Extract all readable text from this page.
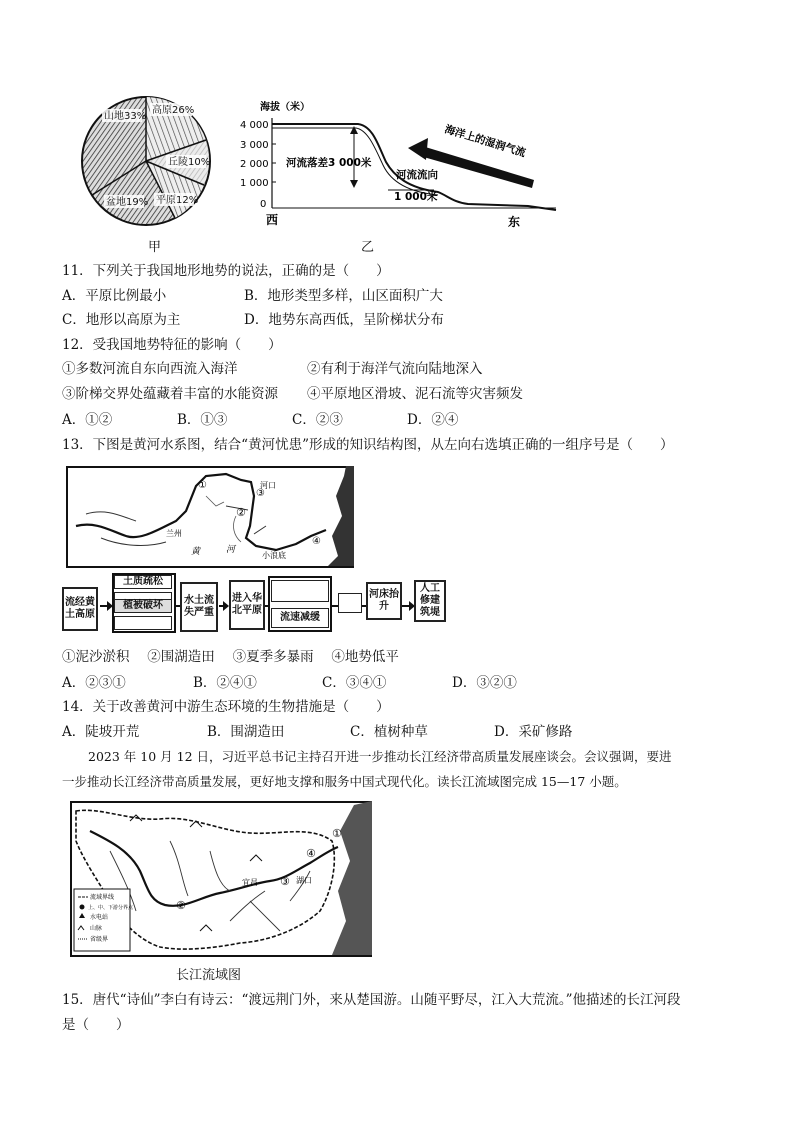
山地33%
高原26%
丘陵10%
盆地19% 平原12%
甲
海拔（米）
4 000
3 000
2 000
1 000
0
河流落差3 000米
河流流向
1 000米
海洋上的湿润气流
西	东
乙
11．下列关于我国地形地势的说法，正确的是（　　）
A．平原比例最小	B．地形类型多样，山区面积广大
C．地形以高原为主	D．地势东高西低，呈阶梯状分布
12．受我国地势特征的影响（　　）
①多数河流自东向西流入海洋	②有利于海洋气流向陆地深入
③阶梯交界处蕴藏着丰富的水能资源 ④平原地区滑坡、泥石流等灾害频发
A．①②	B．①③	C．②③	D．②④
13．下图是黄河水系图，结合“黄河忧患”形成的知识结构图，从左向右选填正确的一组序号是（　　）
①
②
③
④
河口
兰州
黄	河
小浪底
流经黄土高原
土质疏松
植被破坏	水土流失严重
进入华北平原
流速减缓
河床抬升
人工修建筑堤
①泥沙淤积　 ②围湖造田　 ③夏季多暴雨　 ④地势低平
A．②③①	B．②④①	C．③④①	D．③②①
14．关于改善黄河中游生态环境的生物措施是（　　）
A．陡坡开荒	B．围湖造田	C．植树种草	D．采矿修路
2023 年 10 月 12 日，习近平总书记主持召开进一步推动长江经济带高质量发展座谈会。会议强调，要进
一步推动长江经济带高质量发展，更好地支撑和服务中国式现代化。读长江流域图完成 15—17 小题。
①
②
③
④
宜昌	湖口
流域界线
上、中、下游分界点
水电站
山脉
省级界
长江流域图
15．唐代“诗仙”李白有诗云：“渡远荆门外，来从楚国游。山随平野尽，江入大荒流。”他描述的长江河段
是（　　）
